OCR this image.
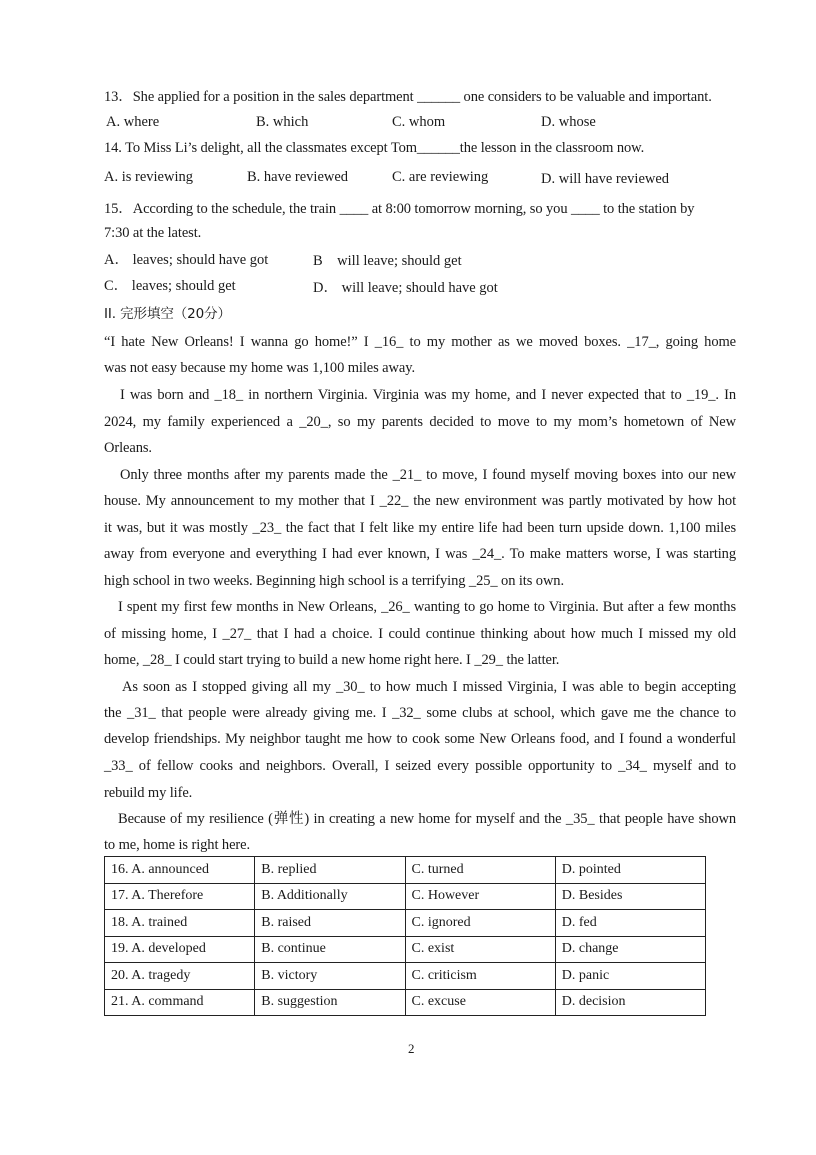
13．She applied for a position in the sales department ______ one considers to be valuable and important.
A. where	B. which	C. whom	D. whose
14. To Miss Li’s delight, all the classmates except Tom______the lesson in the classroom now.
A. is reviewing	B. have reviewed	C. are reviewing	D. will have reviewed
15．According to the schedule, the train ____ at 8:00 tomorrow morning, so you ____ to the station by
7:30 at the latest.
A． leaves; should have got	B　will leave; should get
C． leaves; should get	D． will leave; should have got
II. 完形填空（20分）
“I hate New Orleans! I wanna go home!” I _16_ to my mother as we moved boxes. _17_, going home
was not easy because my home was 1,100 miles away.
I was born and _18_ in northern Virginia. Virginia was my home, and I never expected that to _19_. In
2024, my family experienced a _20_, so my parents decided to move to my mom’s hometown of New
Orleans.
Only three months after my parents made the _21_ to move, I found myself moving boxes into our new
house. My announcement to my mother that I _22_ the new environment was partly motivated by how hot
it was, but it was mostly _23_ the fact that I felt like my entire life had been turn upside down. 1,100 miles
away from everyone and everything I had ever known, I was _24_. To make matters worse, I was starting
high school in two weeks. Beginning high school is a terrifying _25_ on its own.
I spent my first few months in New Orleans, _26_ wanting to go home to Virginia. But after a few months
of missing home, I _27_ that I had a choice. I could continue thinking about how much I missed my old
home, _28_ I could start trying to build a new home right here. I _29_ the latter.
As soon as I stopped giving all my _30_ to how much I missed Virginia, I was able to begin accepting
the _31_ that people were already giving me. I _32_ some clubs at school, which gave me the chance to
develop friendships. My neighbor taught me how to cook some New Orleans food, and I found a wonderful
_33_ of fellow cooks and neighbors. Overall, I seized every possible opportunity to _34_ myself and to
rebuild my life.
Because of my resilience (弹性) in creating a new home for myself and the _35_ that people have shown
to me, home is right here.
16. A. announced	B. replied	C. turned	D. pointed
17. A. Therefore	B. Additionally	C. However	D. Besides
18. A. trained	B. raised	C. ignored	D. fed
19. A. developed	B. continue	C. exist	D. change
20. A. tragedy	B. victory	C. criticism	D. panic
21. A. command	B. suggestion	C. excuse	D. decision
2
